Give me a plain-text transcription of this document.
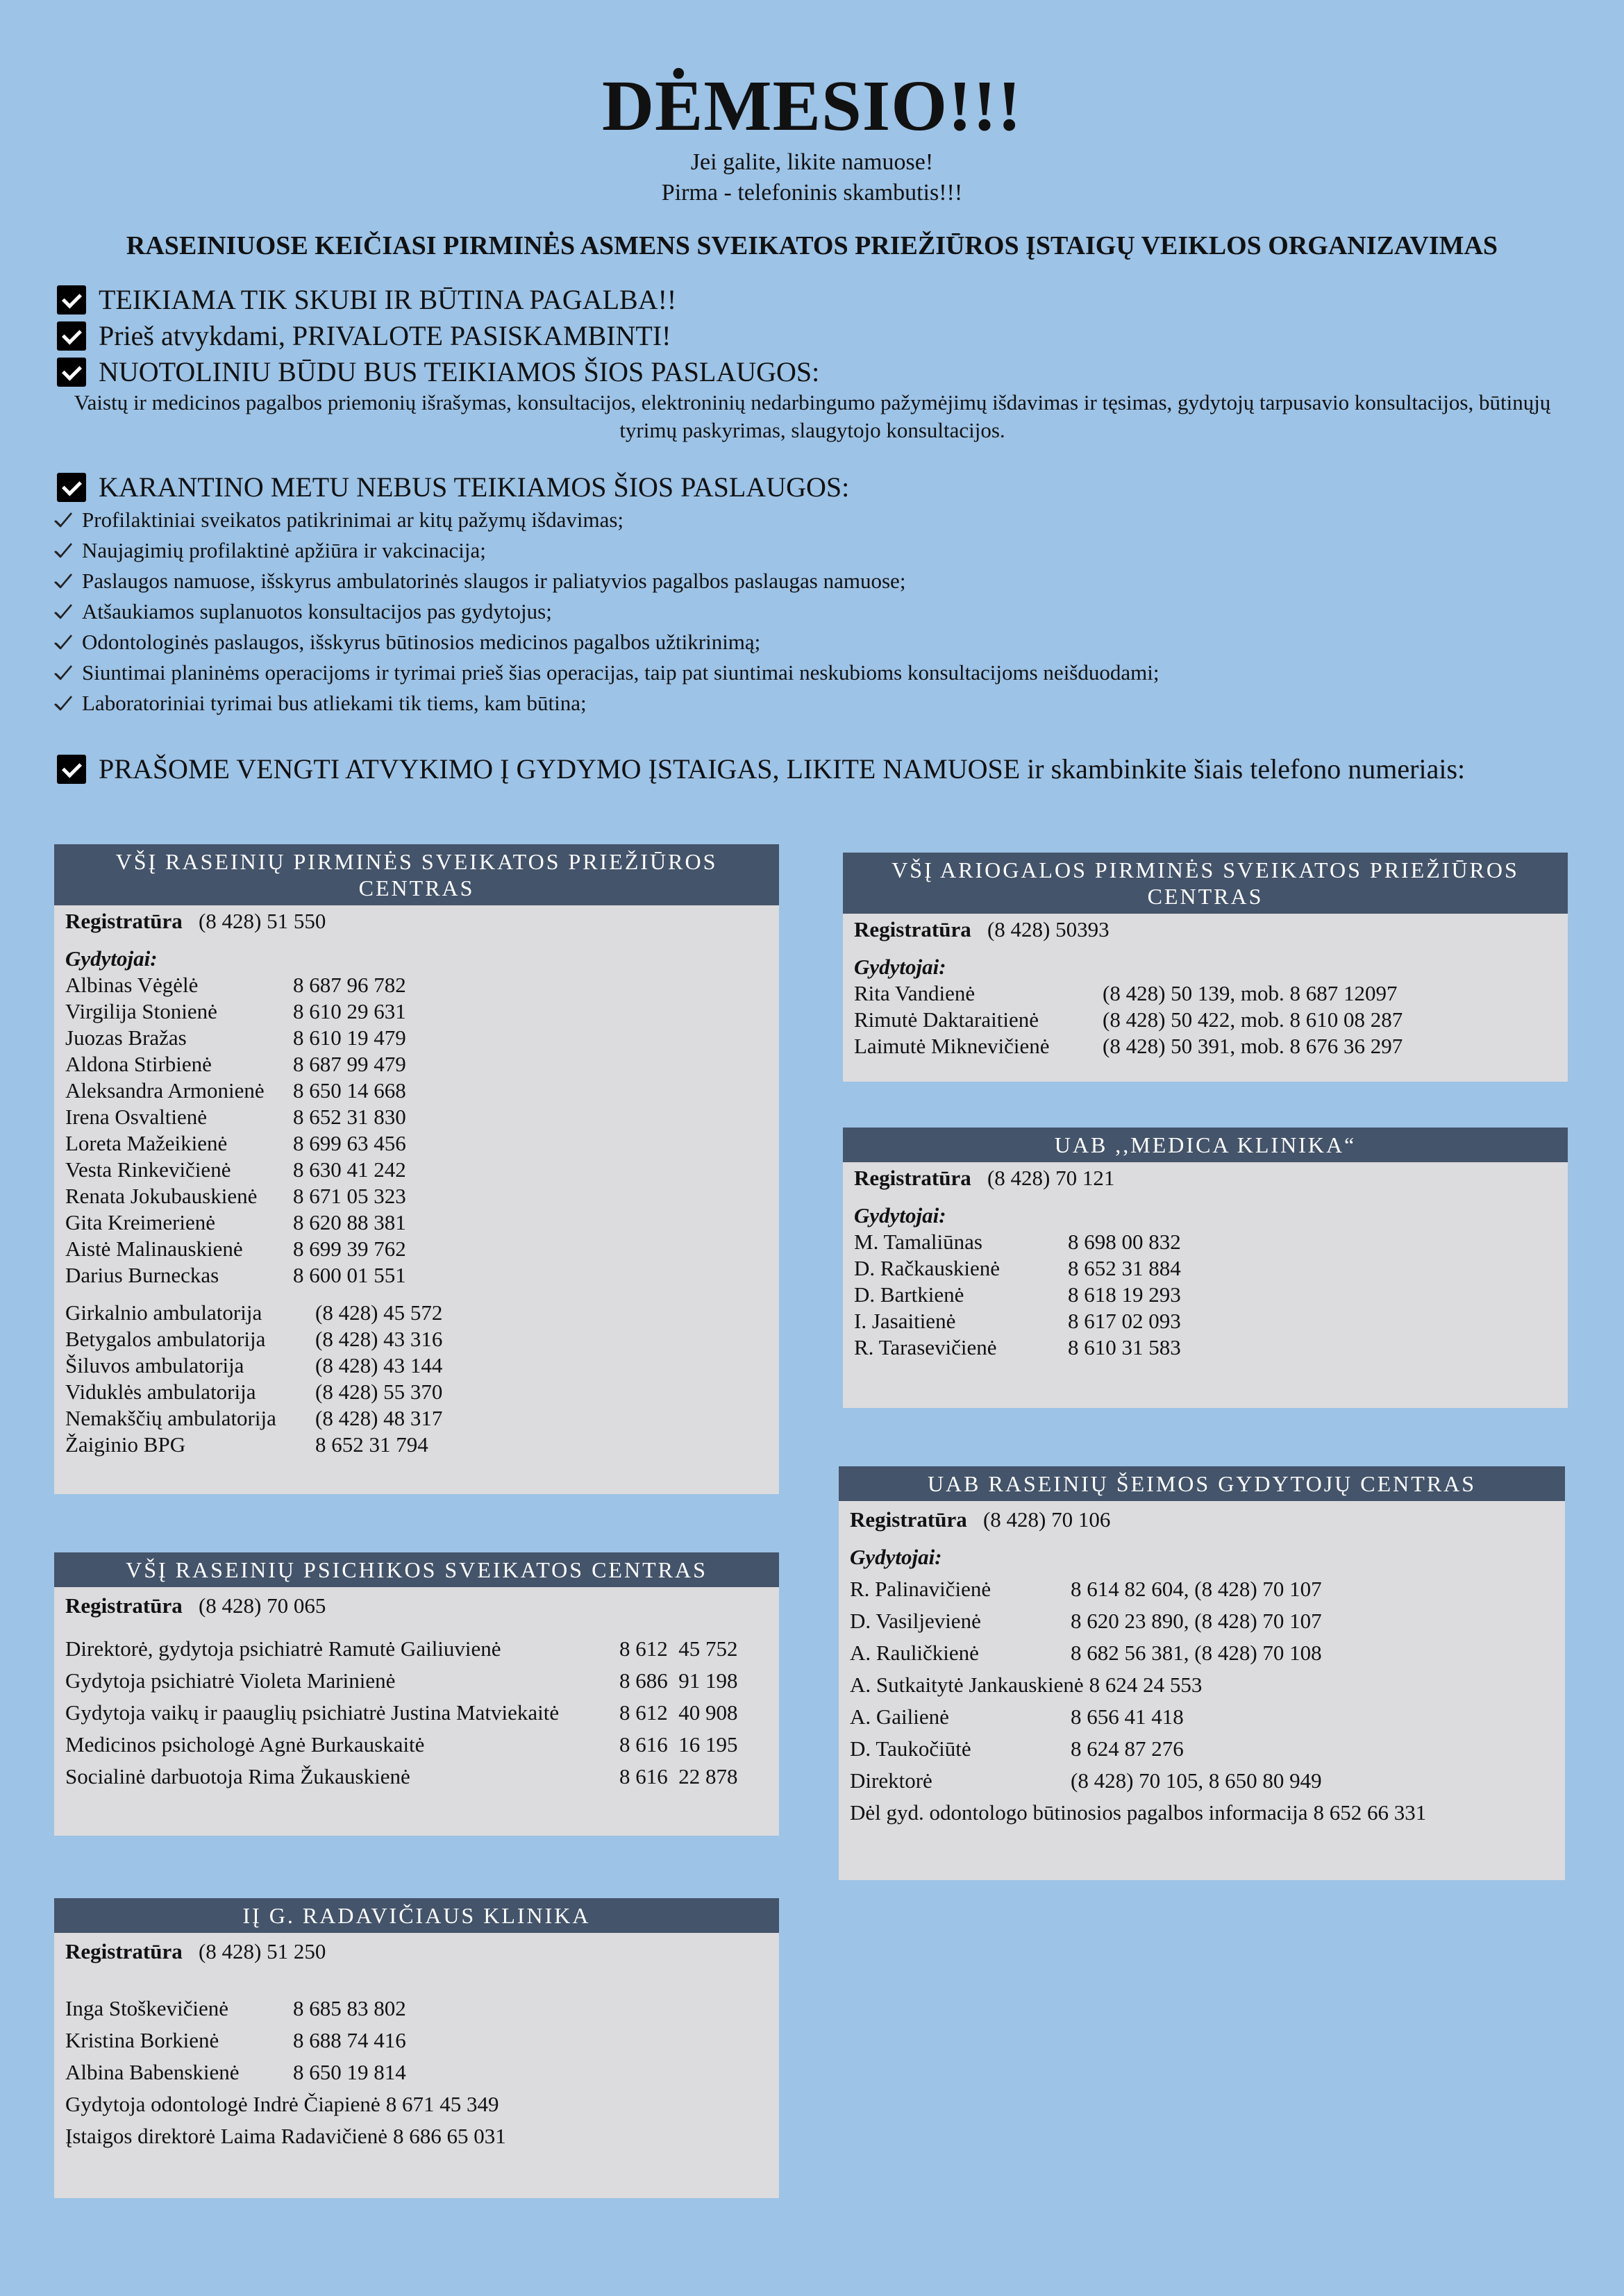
DĖMESIO!!!
Jei galite, likite namuose!
Pirma - telefoninis skambutis!!!
RASEINIUOSE KEIČIASI PIRMINĖS ASMENS SVEIKATOS PRIEŽIŪROS ĮSTAIGŲ VEIKLOS ORGANIZAVIMAS
TEIKIAMA TIK SKUBI IR BŪTINA PAGALBA!!
Prieš atvykdami, PRIVALOTE PASISKAMBINTI!
NUOTOLINIU BŪDU BUS TEIKIAMOS ŠIOS PASLAUGOS:
Vaistų ir medicinos pagalbos priemonių išrašymas, konsultacijos, elektroninių nedarbingumo pažymėjimų išdavimas ir tęsimas, gydytojų tarpusavio konsultacijos, būtinųjų tyrimų paskyrimas, slaugytojo konsultacijos.
KARANTINO METU NEBUS TEIKIAMOS ŠIOS PASLAUGOS:
Profilaktiniai sveikatos patikrinimai ar kitų pažymų išdavimas;
Naujagimių profilaktinė apžiūra ir vakcinacija;
Paslaugos namuose, išskyrus ambulatorinės slaugos ir paliatyvios pagalbos paslaugas namuose;
Atšaukiamos suplanuotos konsultacijos pas gydytojus;
Odontologinės paslaugos, išskyrus būtinosios medicinos pagalbos užtikrinimą;
Siuntimai planinėms operacijoms ir tyrimai prieš šias operacijas, taip pat siuntimai neskubioms konsultacijoms neišduodami;
Laboratoriniai tyrimai bus atliekami tik tiems, kam būtina;
PRAŠOME VENGTI ATVYKIMO Į GYDYMO ĮSTAIGAS, LIKITE NAMUOSE ir skambinkite šiais telefono numeriais:
VŠĮ RASEINIŲ PIRMINĖS SVEIKATOS PRIEŽIŪROS CENTRAS
Registratūra (8 428) 51 550
Gydytojai:
Albinas Vėgėlė	8 687 96 782
Virgilija Stonienė	8 610 29 631
Juozas Bražas	8 610 19 479
Aldona Stirbienė	8 687 99 479
Aleksandra Armonienė	8 650 14 668
Irena Osvaltienė	8 652 31 830
Loreta Mažeikienė	8 699 63 456
Vesta Rinkevičienė	8 630 41 242
Renata Jokubauskienė	8 671 05 323
Gita Kreimerienė	8 620 88 381
Aistė Malinauskienė	8 699 39 762
Darius Burneckas	8 600 01 551
Girkalnio ambulatorija	(8 428) 45 572
Betygalos ambulatorija	(8 428) 43 316
Šiluvos ambulatorija	(8 428) 43 144
Viduklės ambulatorija	(8 428) 55 370
Nemakščių ambulatorija	(8 428) 48 317
Žaiginio BPG	8 652 31 794
VŠĮ ARIOGALOS PIRMINĖS SVEIKATOS PRIEŽIŪROS CENTRAS
Registratūra (8 428) 50393
Gydytojai:
Rita Vandienė	(8 428) 50 139, mob. 8 687 12097
Rimutė Daktaraitienė	(8 428) 50 422, mob. 8 610 08 287
Laimutė Miknevičienė	(8 428) 50 391, mob. 8 676 36 297
UAB ,,MEDICA KLINIKA“
Registratūra (8 428) 70 121
Gydytojai:
M. Tamaliūnas	8 698 00 832
D. Račkauskienė	8 652 31 884
D. Bartkienė	8 618 19 293
I. Jasaitienė	8 617 02 093
R. Tarasevičienė	8 610 31 583
VŠĮ RASEINIŲ PSICHIKOS SVEIKATOS CENTRAS
Registratūra (8 428) 70 065
Direktorė, gydytoja psichiatrė Ramutė Gailiuvienė	8 612  45 752
Gydytoja psichiatrė Violeta Marinienė	8 686  91 198
Gydytoja vaikų ir paauglių psichiatrė Justina Matviekaitė	8 612  40 908
Medicinos psichologė Agnė Burkauskaitė	8 616  16 195
Socialinė darbuotoja Rima Žukauskienė	8 616  22 878
UAB RASEINIŲ ŠEIMOS GYDYTOJŲ CENTRAS
Registratūra (8 428) 70 106
Gydytojai:
R. Palinavičienė	8 614 82 604, (8 428) 70 107
D. Vasiljevienė	8 620 23 890, (8 428) 70 107
A. Rauličkienė	8 682 56 381, (8 428) 70 108
A. Sutkaitytė Jankauskienė 8 624 24 553
A. Gailienė	8 656 41 418
D. Taukočiūtė	8 624 87 276
Direktorė	(8 428) 70 105, 8 650 80 949
Dėl gyd. odontologo būtinosios pagalbos informacija 8 652 66 331
IĮ G. RADAVIČIAUS KLINIKA
Registratūra (8 428) 51 250
Inga Stoškevičienė	8 685 83 802
Kristina Borkienė	8 688 74 416
Albina Babenskienė	8 650 19 814
Gydytoja odontologė Indrė Čiapienė 8 671 45 349
Įstaigos direktorė Laima Radavičienė 8 686 65 031
